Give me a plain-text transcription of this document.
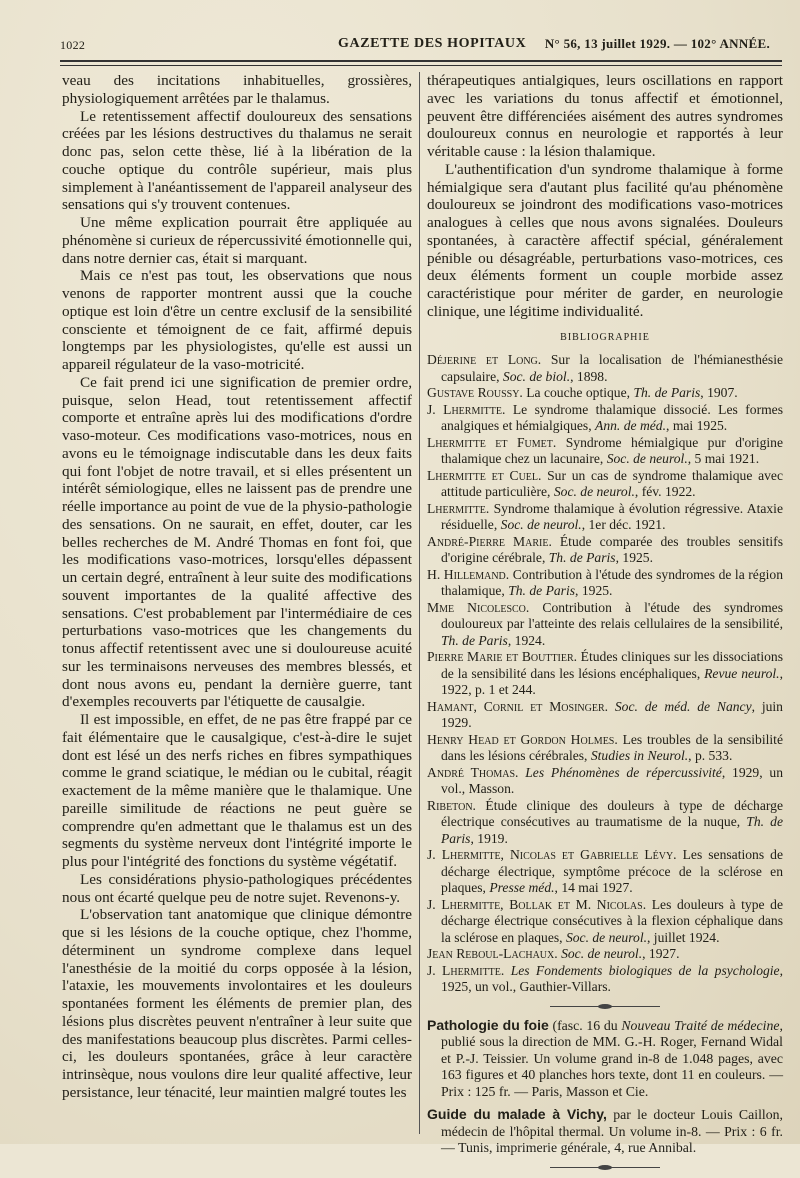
1022	GAZETTE DES HOPITAUX N° 56, 13 juillet 1929. — 102° ANNÉE.

veau des incitations inhabituelles, grossières, physiologiquement arrêtées par le thalamus.

Le retentissement affectif douloureux des sensations créées par les lésions destructives du thalamus ne serait donc pas, selon cette thèse, lié à la libération de la couche optique du contrôle supérieur, mais plus simplement à l'anéantissement de l'appareil analyseur des sensations qui s'y trouvent contenues.

Une même explication pourrait être appliquée au phénomène si curieux de répercussivité émotionnelle qui, dans notre dernier cas, était si marquant.

Mais ce n'est pas tout, les observations que nous venons de rapporter montrent aussi que la couche optique est loin d'être un centre exclusif de la sensibilité consciente et témoignent de ce fait, affirmé depuis longtemps par les physiologistes, qu'elle est aussi un appareil régulateur de la vaso-motricité.

Ce fait prend ici une signification de premier ordre, puisque, selon Head, tout retentissement affectif comporte et entraîne après lui des modifications d'ordre vaso-moteur. Ces modifications vaso-motrices, nous en avons eu le témoignage indiscutable dans les deux faits qui font l'objet de notre travail, et si elles présentent un intérêt sémiologique, elles ne laissent pas de prendre une réelle importance au point de vue de la physio-pathologie des sensations. On ne saurait, en effet, douter, car les belles recherches de M. André Thomas en font foi, que les modifications vaso-motrices, lorsqu'elles dépassent un certain degré, entraînent à leur suite des modifications souvent importantes de la qualité affective des sensations. C'est probablement par l'intermédiaire de ces perturbations vaso-motrices que les changements du tonus affectif retentissent avec une si douloureuse acuité sur les terminaisons nerveuses des membres blessés, et dont nous avons eu, pendant la dernière guerre, tant d'exemples recouverts par l'étiquette de causalgie.

Il est impossible, en effet, de ne pas être frappé par ce fait élémentaire que le causalgique, c'est-à-dire le sujet dont est lésé un des nerfs riches en fibres sympathiques comme le grand sciatique, le médian ou le cubital, réagit exactement de la même manière que le thalamique. Une pareille similitude de réactions ne peut guère se comprendre qu'en admettant que le thalamus est un des segments du système nerveux dont l'intégrité importe le plus pour l'intégrité des fonctions du système végétatif.

Les considérations physio-pathologiques précédentes nous ont écarté quelque peu de notre sujet. Revenons-y.

L'observation tant anatomique que clinique démontre que si les lésions de la couche optique, chez l'homme, déterminent un syndrome complexe dans lequel l'anesthésie de la moitié du corps opposée à la lésion, l'ataxie, les mouvements involontaires et les douleurs spontanées forment les éléments de premier plan, des lésions plus discrètes peuvent n'entraîner à leur suite que des manifestations beaucoup plus discrètes. Parmi celles-ci, les douleurs spontanées, grâce à leur caractère intrinsèque, nous voulons dire leur qualité affective, leur persistance, leur ténacité, leur maintien malgré toutes les

thérapeutiques antialgiques, leurs oscillations en rapport avec les variations du tonus affectif et émotionnel, peuvent être différenciées aisément des autres syndromes douloureux connus en neurologie et rapportés à leur véritable cause : la lésion thalamique.

L'authentification d'un syndrome thalamique à forme hémialgique sera d'autant plus facilité qu'au phénomène douloureux se joindront des modifications vaso-motrices analogues à celles que nous avons signalées. Douleurs spontanées, à caractère affectif spécial, généralement pénible ou désagréable, perturbations vaso-motrices, ces deux éléments forment un couple morbide assez caractéristique pour mériter de garder, en neurologie clinique, une légitime individualité.

BIBLIOGRAPHIE

Déjerine et Long. Sur la localisation de l'hémianesthésie capsulaire, Soc. de biol., 1898.

Gustave Roussy. La couche optique, Th. de Paris, 1907.

J. Lhermitte. Le syndrome thalamique dissocié. Les formes analgiques et hémialgiques, Ann. de méd., mai 1925.

Lhermitte et Fumet. Syndrome hémialgique pur d'origine thalamique chez un lacunaire, Soc. de neurol., 5 mai 1921.

Lhermitte et Cuel. Sur un cas de syndrome thalamique avec attitude particulière, Soc. de neurol., fév. 1922.

Lhermitte. Syndrome thalamique à évolution régressive. Ataxie résiduelle, Soc. de neurol., 1er déc. 1921.

André-Pierre Marie. Étude comparée des troubles sensitifs d'origine cérébrale, Th. de Paris, 1925.

H. Hillemand. Contribution à l'étude des syndromes de la région thalamique, Th. de Paris, 1925.

Mme Nicolesco. Contribution à l'étude des syndromes douloureux par l'atteinte des relais cellulaires de la sensibilité, Th. de Paris, 1924.

Pierre Marie et Bouttier. Études cliniques sur les dissociations de la sensibilité dans les lésions encéphaliques, Revue neurol., 1922, p. 1 et 244.

Hamant, Cornil et Mosinger. Soc. de méd. de Nancy, juin 1929.

Henry Head et Gordon Holmes. Les troubles de la sensibilité dans les lésions cérébrales, Studies in Neurol., p. 533.

André Thomas. Les Phénomènes de répercussivité, 1929, un vol., Masson.

Ribeton. Étude clinique des douleurs à type de décharge électrique consécutives au traumatisme de la nuque, Th. de Paris, 1919.

J. Lhermitte, Nicolas et Gabrielle Lévy. Les sensations de décharge électrique, symptôme précoce de la sclérose en plaques, Presse méd., 14 mai 1927.

J. Lhermitte, Bollak et M. Nicolas. Les douleurs à type de décharge électrique consécutives à la flexion céphalique dans la sclérose en plaques, Soc. de neurol., juillet 1924.

Jean Reboul-Lachaux. Soc. de neurol., 1927.

J. Lhermitte. Les Fondements biologiques de la psychologie, 1925, un vol., Gauthier-Villars.

Pathologie du foie (fasc. 16 du Nouveau Traité de médecine, publié sous la direction de MM. G.-H. Roger, Fernand Widal et P.-J. Teissier. Un volume grand in-8 de 1.048 pages, avec 163 figures et 40 planches hors texte, dont 11 en couleurs. — Prix : 125 fr. — Paris, Masson et Cie.

Guide du malade à Vichy, par le docteur Louis Caillon, médecin de l'hôpital thermal. Un volume in-8. — Prix : 6 fr. — Tunis, imprimerie générale, 4, rue Annibal.
